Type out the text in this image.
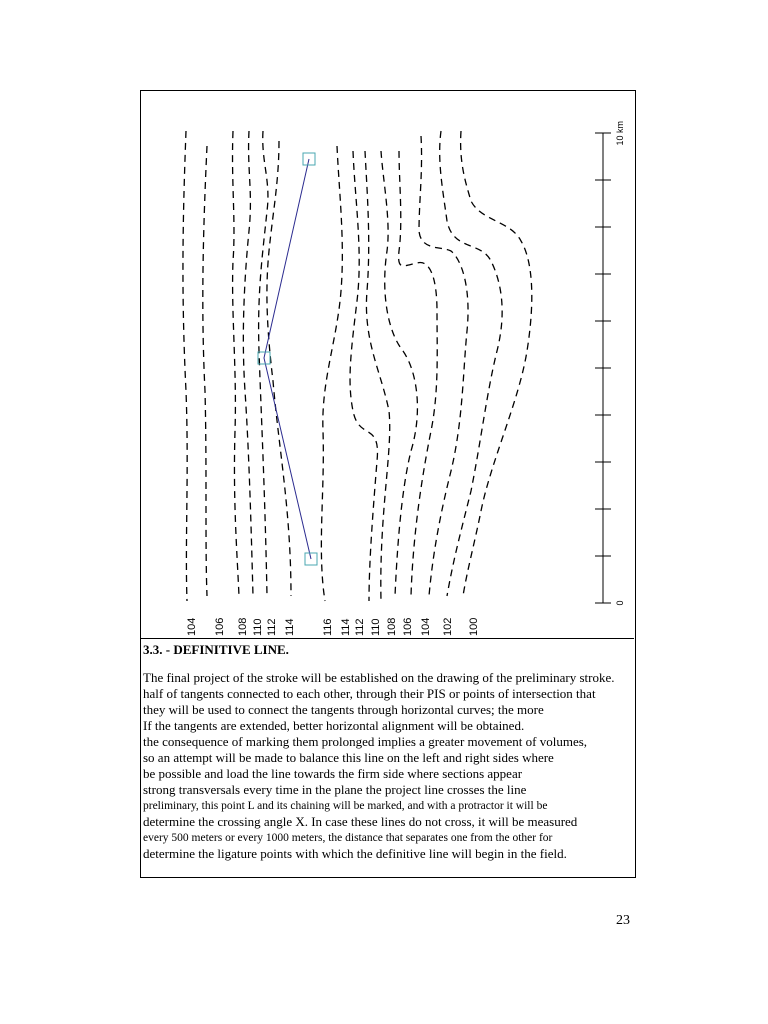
10 km
0
104 106 108 110 112 114 116 114 112 110 108 106 104 102 100
3.3. - DEFINITIVE LINE.
The final project of the stroke will be established on the drawing of the preliminary stroke.
half of tangents connected to each other, through their PIS or points of intersection that
they will be used to connect the tangents through horizontal curves; the more
If the tangents are extended, better horizontal alignment will be obtained.
the consequence of marking them prolonged implies a greater movement of volumes,
so an attempt will be made to balance this line on the left and right sides where
be possible and load the line towards the firm side where sections appear
strong transversals every time in the plane the project line crosses the line
preliminary, this point L and its chaining will be marked, and with a protractor it will be
determine the crossing angle X. In case these lines do not cross, it will be measured
every 500 meters or every 1000 meters, the distance that separates one from the other for
determine the ligature points with which the definitive line will begin in the field.
23
